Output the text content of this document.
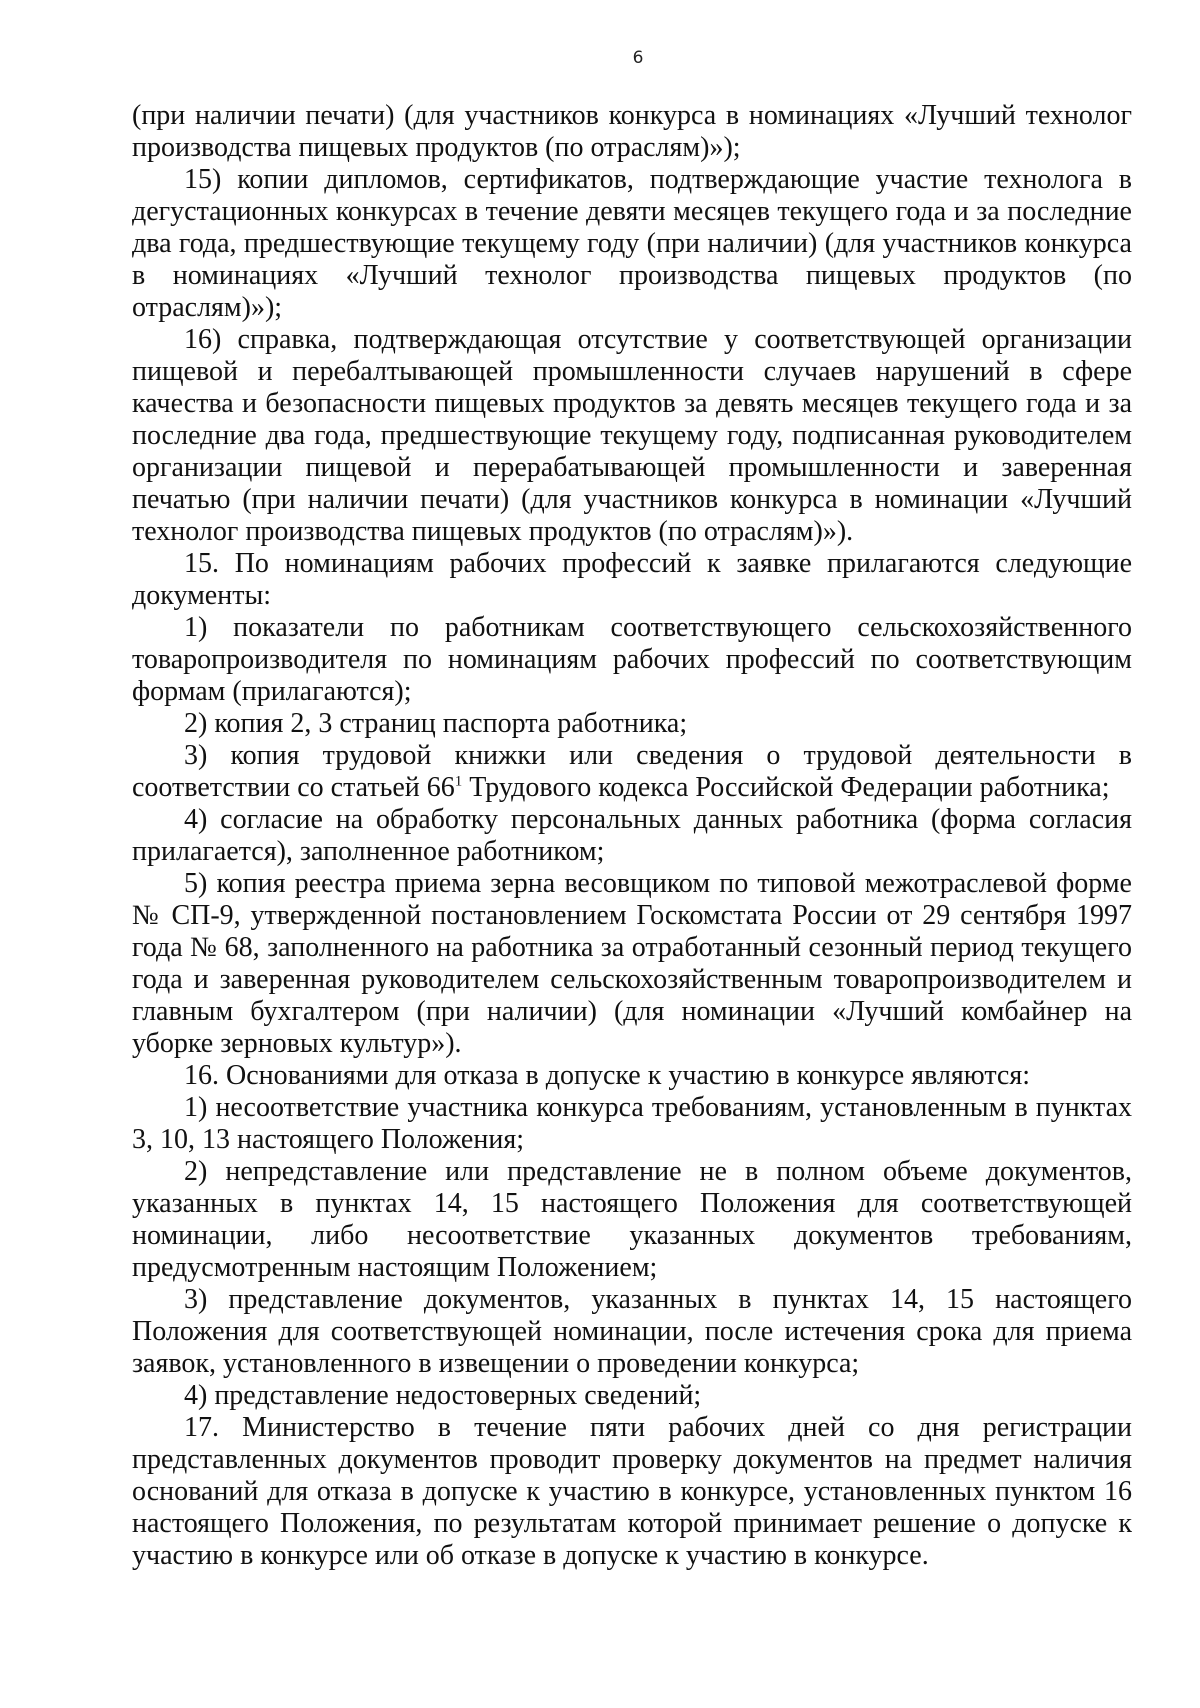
6

(при наличии печати) (для участников конкурса в номинациях «Лучший технолог производства пищевых продуктов (по отраслям)»);

15) копии дипломов, сертификатов, подтверждающие участие технолога в дегустационных конкурсах в течение девяти месяцев текущего года и за последние два года, предшествующие текущему году (при наличии) (для участников конкурса в номинациях «Лучший технолог производства пищевых продуктов (по отраслям)»);

16) справка, подтверждающая отсутствие у соответствующей организации пищевой и перебалтывающей промышленности случаев нарушений в сфере качества и безопасности пищевых продуктов за девять месяцев текущего года и за последние два года, предшествующие текущему году, подписанная руководителем организации пищевой и перерабатывающей промышленности и заверенная печатью (при наличии печати) (для участников конкурса в номинации «Лучший технолог производства пищевых продуктов (по отраслям)»).

15. По номинациям рабочих профессий к заявке прилагаются следующие документы:

1) показатели по работникам соответствующего сельскохозяйственного товаропроизводителя по номинациям рабочих профессий по соответствующим формам (прилагаются);

2) копия 2, 3 страниц паспорта работника;

3) копия трудовой книжки или сведения о трудовой деятельности в соответствии со статьей $66^1$ Трудового кодекса Российской Федерации работника;

4) согласие на обработку персональных данных работника (форма согласия прилагается), заполненное работником;

5) копия реестра приема зерна весовщиком по типовой межотраслевой форме № СП-9, утвержденной постановлением Госкомстата России от 29 сентября 1997 года № 68, заполненного на работника за отработанный сезонный период текущего года и заверенная руководителем сельскохозяйственным товаропроизводителем и главным бухгалтером (при наличии) (для номинации «Лучший комбайнер на уборке зерновых культур»).

16. Основаниями для отказа в допуске к участию в конкурсе являются:

1) несоответствие участника конкурса требованиям, установленным в пунктах 3, 10, 13 настоящего Положения;

2) непредставление или представление не в полном объеме документов, указанных в пунктах 14, 15 настоящего Положения для соответствующей номинации, либо несоответствие указанных документов требованиям, предусмотренным настоящим Положением;

3) представление документов, указанных в пунктах 14, 15 настоящего Положения для соответствующей номинации, после истечения срока для приема заявок, установленного в извещении о проведении конкурса;

4) представление недостоверных сведений;

17. Министерство в течение пяти рабочих дней со дня регистрации представленных документов проводит проверку документов на предмет наличия оснований для отказа в допуске к участию в конкурсе, установленных пунктом 16 настоящего Положения, по результатам которой принимает решение о допуске к участию в конкурсе или об отказе в допуске к участию в конкурсе.
